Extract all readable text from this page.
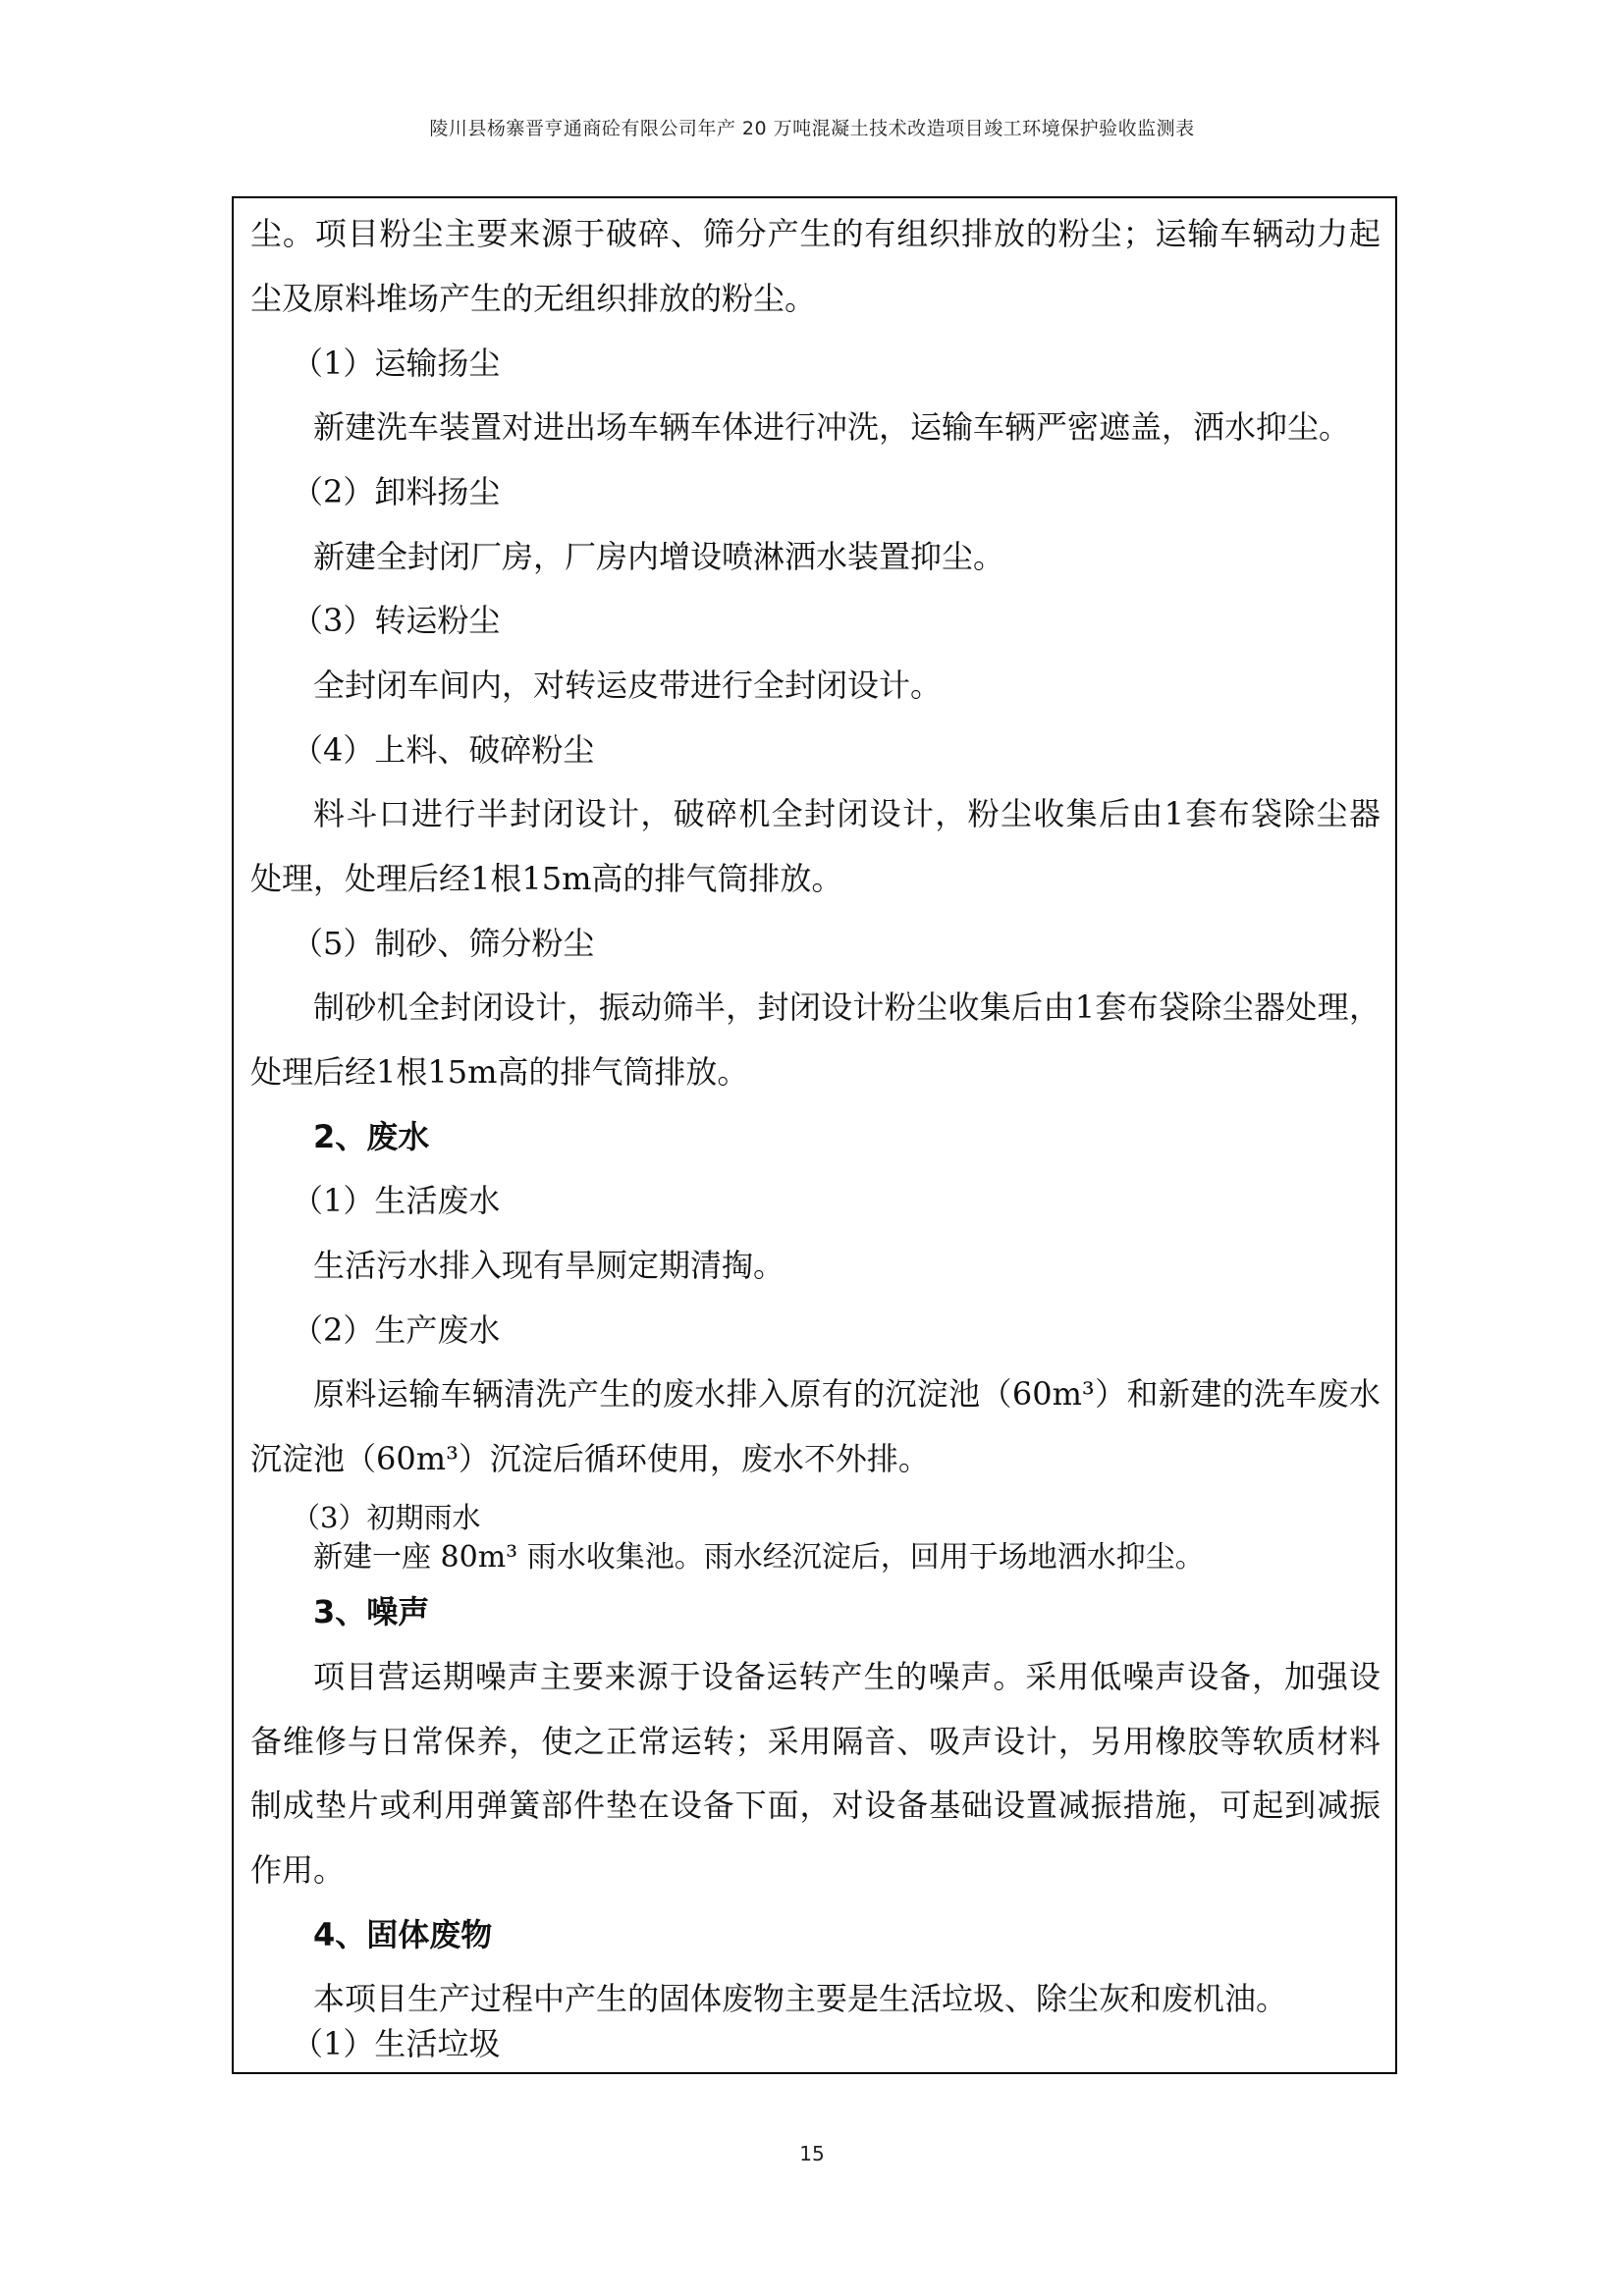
陵川县杨寨晋亨通商砼有限公司年产 20 万吨混凝土技术改造项目竣工环境保护验收监测表
尘。项目粉尘主要来源于破碎、筛分产生的有组织排放的粉尘；运输车辆动力起
尘及原料堆场产生的无组织排放的粉尘。
（1）运输扬尘
新建洗车装置对进出场车辆车体进行冲洗，运输车辆严密遮盖，洒水抑尘。
（2）卸料扬尘
新建全封闭厂房，厂房内增设喷淋洒水装置抑尘。
（3）转运粉尘
全封闭车间内，对转运皮带进行全封闭设计。
（4）上料、破碎粉尘
料斗口进行半封闭设计，破碎机全封闭设计，粉尘收集后由1套布袋除尘器
处理，处理后经1根15m高的排气筒排放。
（5）制砂、筛分粉尘
制砂机全封闭设计，振动筛半，封闭设计粉尘收集后由1套布袋除尘器处理，
处理后经1根15m高的排气筒排放。
2、废水
（1）生活废水
生活污水排入现有旱厕定期清掏。
（2）生产废水
原料运输车辆清洗产生的废水排入原有的沉淀池（60m³）和新建的洗车废水
沉淀池（60m³）沉淀后循环使用，废水不外排。
（3）初期雨水
新建一座 80m³ 雨水收集池。雨水经沉淀后，回用于场地洒水抑尘。
3、噪声
项目营运期噪声主要来源于设备运转产生的噪声。采用低噪声设备，加强设
备维修与日常保养，使之正常运转；采用隔音、吸声设计，另用橡胶等软质材料
制成垫片或利用弹簧部件垫在设备下面，对设备基础设置减振措施，可起到减振
作用。
4、固体废物
本项目生产过程中产生的固体废物主要是生活垃圾、除尘灰和废机油。
（1）生活垃圾
15
